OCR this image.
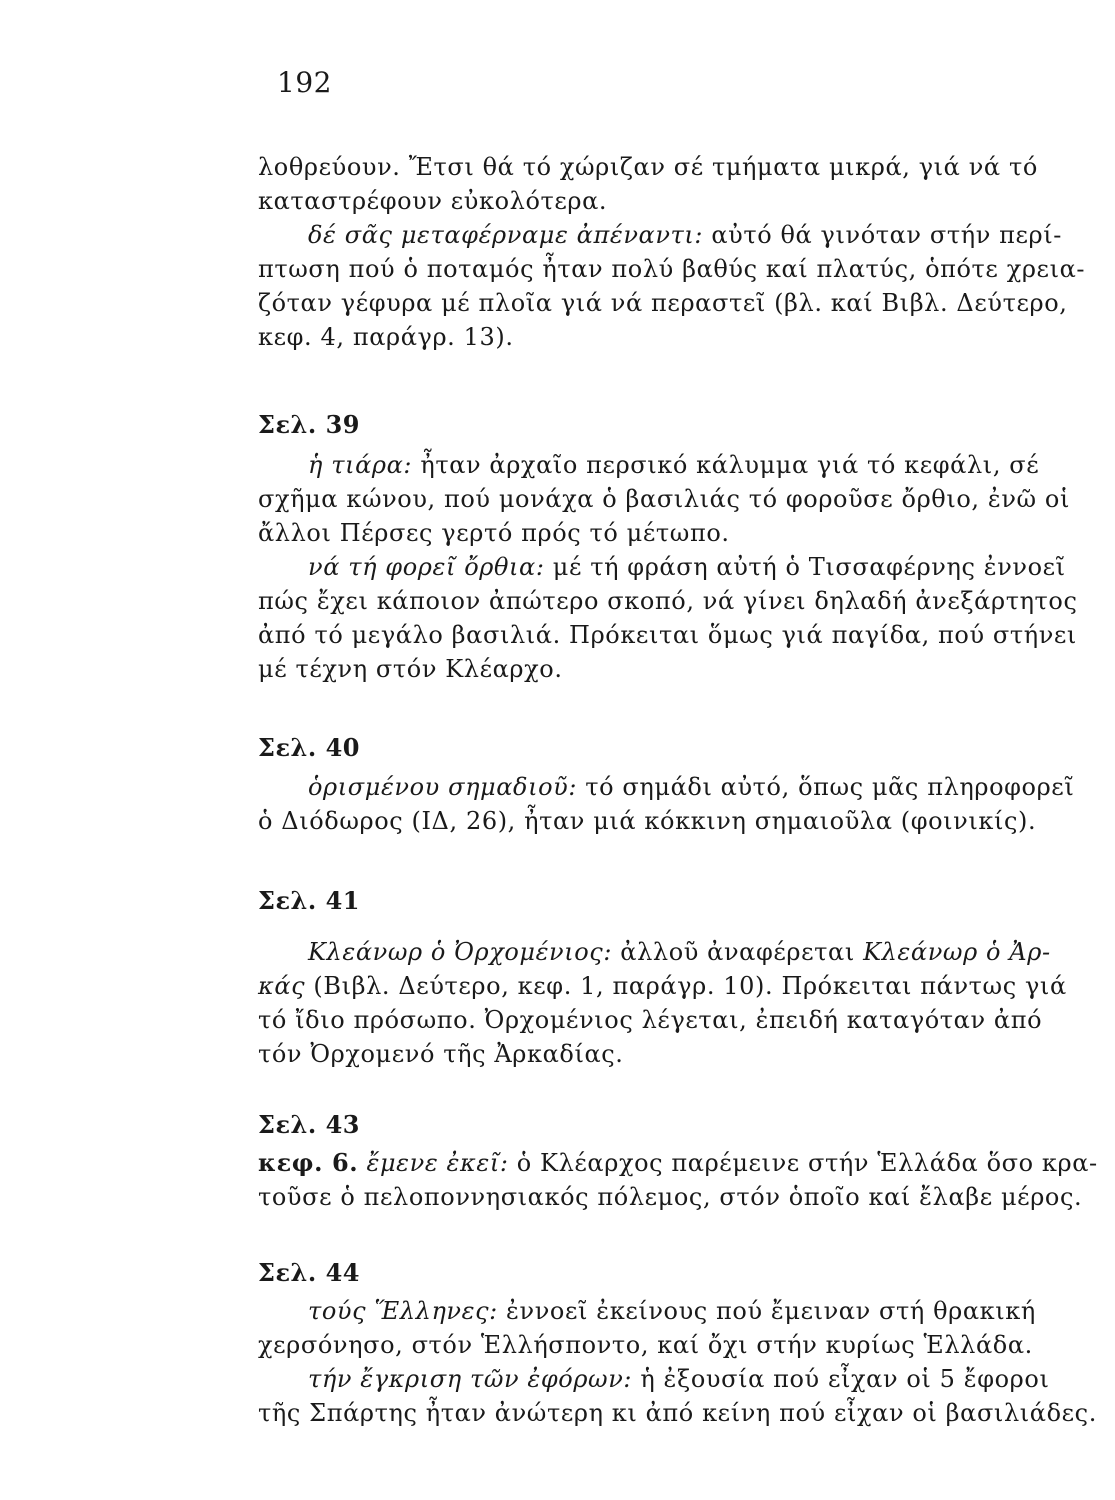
192
λοθρεύουν. Ἔτσι θά τό χώριζαν σέ τμήματα μικρά, γιά νά τό
καταστρέφουν εὐκολότερα.
δέ σᾶς μεταφέρναμε ἀπέναντι: αὐτό θά γινόταν στήν περί-
πτωση πού ὁ ποταμός ἦταν πολύ βαθύς καί πλατύς, ὁπότε χρεια-
ζόταν γέφυρα μέ πλοῖα γιά νά περαστεῖ (βλ. καί Βιβλ. Δεύτερο,
κεφ. 4, παράγρ. 13).
Σελ. 39
ἡ τιάρα: ἦταν ἀρχαῖο περσικό κάλυμμα γιά τό κεφάλι, σέ
σχῆμα κώνου, πού μονάχα ὁ βασιλιάς τό φοροῦσε ὄρθιο, ἐνῶ οἱ
ἄλλοι Πέρσες γερτό πρός τό μέτωπο.
νά τή φορεῖ ὄρθια: μέ τή φράση αὐτή ὁ Τισσαφέρνης ἐννοεῖ
πώς ἔχει κάποιον ἀπώτερο σκοπό, νά γίνει δηλαδή ἀνεξάρτητος
ἀπό τό μεγάλο βασιλιά. Πρόκειται ὅμως γιά παγίδα, πού στήνει
μέ τέχνη στόν Κλέαρχο.
Σελ. 40
ὁρισμένου σημαδιοῦ: τό σημάδι αὐτό, ὅπως μᾶς πληροφορεῖ
ὁ Διόδωρος (ΙΔ, 26), ἦταν μιά κόκκινη σημαιοῦλα (φοινικίς).
Σελ. 41
Κλεάνωρ ὁ Ὀρχομένιος: ἀλλοῦ ἀναφέρεται Κλεάνωρ ὁ Ἀρ-
κάς (Βιβλ. Δεύτερο, κεφ. 1, παράγρ. 10). Πρόκειται πάντως γιά
τό ἴδιο πρόσωπο. Ὀρχομένιος λέγεται, ἐπειδή καταγόταν ἀπό
τόν Ὀρχομενό τῆς Ἀρκαδίας.
Σελ. 43
κεφ. 6. ἔμενε ἐκεῖ: ὁ Κλέαρχος παρέμεινε στήν Ἑλλάδα ὅσο κρα-
τοῦσε ὁ πελοποννησιακός πόλεμος, στόν ὁποῖο καί ἔλαβε μέρος.
Σελ. 44
τούς Ἕλληνες: ἐννοεῖ ἐκείνους πού ἔμειναν στή θρακική
χερσόνησο, στόν Ἑλλήσποντο, καί ὄχι στήν κυρίως Ἑλλάδα.
τήν ἔγκριση τῶν ἐφόρων: ἡ ἐξουσία πού εἶχαν οἱ 5 ἔφοροι
τῆς Σπάρτης ἦταν ἀνώτερη κι ἀπό κείνη πού εἶχαν οἱ βασιλιάδες.
